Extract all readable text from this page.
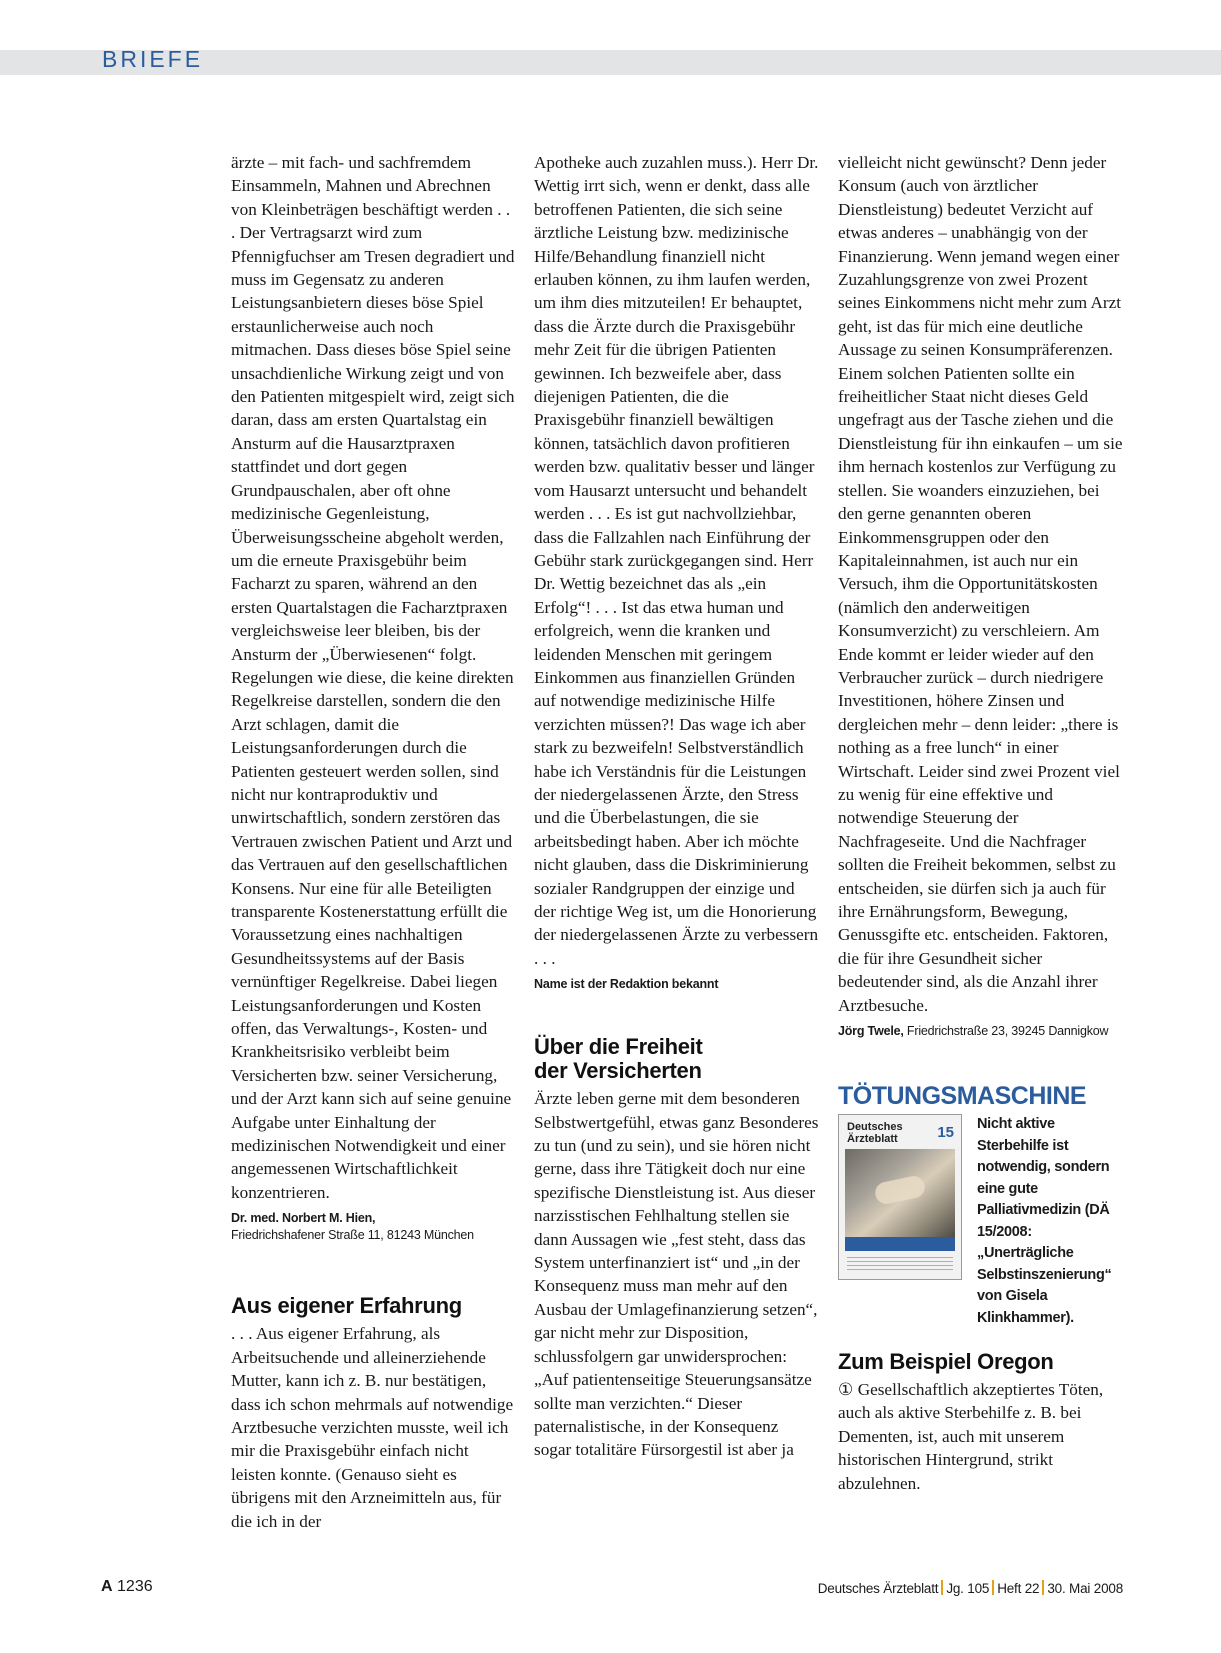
BRIEFE

ärzte – mit fach- und sachfremdem Einsammeln, Mahnen und Abrechnen von Kleinbeträgen beschäftigt werden . . . Der Vertragsarzt wird zum Pfennigfuchser am Tresen degradiert und muss im Gegensatz zu anderen Leistungsanbietern dieses böse Spiel erstaunlicherweise auch noch mitmachen. Dass dieses böse Spiel seine unsachdienliche Wirkung zeigt und von den Patienten mitgespielt wird, zeigt sich daran, dass am ersten Quartalstag ein Ansturm auf die Hausarztpraxen stattfindet und dort gegen Grundpauschalen, aber oft ohne medizinische Gegenleistung, Überweisungsscheine abgeholt werden, um die erneute Praxisgebühr beim Facharzt zu sparen, während an den ersten Quartalstagen die Facharztpraxen vergleichsweise leer bleiben, bis der Ansturm der „Überwiesenen“ folgt. Regelungen wie diese, die keine direkten Regelkreise darstellen, sondern die den Arzt schlagen, damit die Leistungsanforderungen durch die Patienten gesteuert werden sollen, sind nicht nur kontraproduktiv und unwirtschaftlich, sondern zerstören das Vertrauen zwischen Patient und Arzt und das Vertrauen auf den gesellschaftlichen Konsens. Nur eine für alle Beteiligten transparente Kostenerstattung erfüllt die Voraussetzung eines nachhaltigen Gesundheitssystems auf der Basis vernünftiger Regelkreise. Dabei liegen Leistungsanforderungen und Kosten offen, das Verwaltungs-, Kosten- und Krankheitsrisiko verbleibt beim Versicherten bzw. seiner Versicherung, und der Arzt kann sich auf seine genuine Aufgabe unter Einhaltung der medizinischen Notwendigkeit und einer angemessenen Wirtschaftlichkeit konzentrieren.

Dr. med. Norbert M. Hien,
Friedrichshafener Straße 11, 81243 München
Aus eigener Erfahrung

. . . Aus eigener Erfahrung, als Arbeitsuchende und alleinerziehende Mutter, kann ich z. B. nur bestätigen, dass ich schon mehrmals auf notwendige Arztbesuche verzichten musste, weil ich mir die Praxisgebühr einfach nicht leisten konnte. (Genauso sieht es übrigens mit den Arzneimitteln aus, für die ich in der

Apotheke auch zuzahlen muss.). Herr Dr. Wettig irrt sich, wenn er denkt, dass alle betroffenen Patienten, die sich seine ärztliche Leistung bzw. medizinische Hilfe/Behandlung finanziell nicht erlauben können, zu ihm laufen werden, um ihm dies mitzuteilen! Er behauptet, dass die Ärzte durch die Praxisgebühr mehr Zeit für die übrigen Patienten gewinnen. Ich bezweifele aber, dass diejenigen Patienten, die die Praxisgebühr finanziell bewältigen können, tatsächlich davon profitieren werden bzw. qualitativ besser und länger vom Hausarzt untersucht und behandelt werden . . . Es ist gut nachvollziehbar, dass die Fallzahlen nach Einführung der Gebühr stark zurückgegangen sind. Herr Dr. Wettig bezeichnet das als „ein Erfolg“! . . . Ist das etwa human und erfolgreich, wenn die kranken und leidenden Menschen mit geringem Einkommen aus finanziellen Gründen auf notwendige medizinische Hilfe verzichten müssen?! Das wage ich aber stark zu bezweifeln! Selbstverständlich habe ich Verständnis für die Leistungen der niedergelassenen Ärzte, den Stress und die Überbelastungen, die sie arbeitsbedingt haben. Aber ich möchte nicht glauben, dass die Diskriminierung sozialer Randgruppen der einzige und der richtige Weg ist, um die Honorierung der niedergelassenen Ärzte zu verbessern . . .

Name ist der Redaktion bekannt
Über die Freiheit
der Versicherten

Ärzte leben gerne mit dem besonderen Selbstwertgefühl, etwas ganz Besonderes zu tun (und zu sein), und sie hören nicht gerne, dass ihre Tätigkeit doch nur eine spezifische Dienstleistung ist. Aus dieser narzisstischen Fehlhaltung stellen sie dann Aussagen wie „fest steht, dass das System unterfinanziert ist“ und „in der Konsequenz muss man mehr auf den Ausbau der Umlagefinanzierung setzen“, gar nicht mehr zur Disposition, schlussfolgern gar unwidersprochen: „Auf patientenseitige Steuerungsansätze sollte man verzichten.“ Dieser paternalistische, in der Konsequenz sogar totalitäre Fürsorgestil ist aber ja

vielleicht nicht gewünscht? Denn jeder Konsum (auch von ärztlicher Dienstleistung) bedeutet Verzicht auf etwas anderes – unabhängig von der Finanzierung. Wenn jemand wegen einer Zuzahlungsgrenze von zwei Prozent seines Einkommens nicht mehr zum Arzt geht, ist das für mich eine deutliche Aussage zu seinen Konsumpräferenzen. Einem solchen Patienten sollte ein freiheitlicher Staat nicht dieses Geld ungefragt aus der Tasche ziehen und die Dienstleistung für ihn einkaufen – um sie ihm hernach kostenlos zur Verfügung zu stellen. Sie woanders einzuziehen, bei den gerne genannten oberen Einkommensgruppen oder den Kapitaleinnahmen, ist auch nur ein Versuch, ihm die Opportunitätskosten (nämlich den anderweitigen Konsumverzicht) zu verschleiern. Am Ende kommt er leider wieder auf den Verbraucher zurück – durch niedrigere Investitionen, höhere Zinsen und dergleichen mehr – denn leider: „there is nothing as a free lunch“ in einer Wirtschaft. Leider sind zwei Prozent viel zu wenig für eine effektive und notwendige Steuerung der Nachfrageseite. Und die Nachfrager sollten die Freiheit bekommen, selbst zu entscheiden, sie dürfen sich ja auch für ihre Ernährungsform, Bewegung, Genussgifte etc. entscheiden. Faktoren, die für ihre Gesundheit sicher bedeutender sind, als die Anzahl ihrer Arztbesuche.

Jörg Twele, Friedrichstraße 23, 39245 Dannigkow
TÖTUNGSMASCHINE
Deutsches Ärzteblatt	15 Nicht aktive Sterbehilfe ist notwendig, sondern eine gute Palliativmedizin (DÄ 15/2008: „Unerträgliche Selbstinszenierung“ von Gisela Klinkhammer).
Zum Beispiel Oregon

① Gesellschaftlich akzeptiertes Töten, auch als aktive Sterbehilfe z. B. bei Dementen, ist, auch mit unserem historischen Hintergrund, strikt abzulehnen.

A 1236	Deutsches Ärzteblatt Jg. 105 Heft 22 30. Mai 2008
